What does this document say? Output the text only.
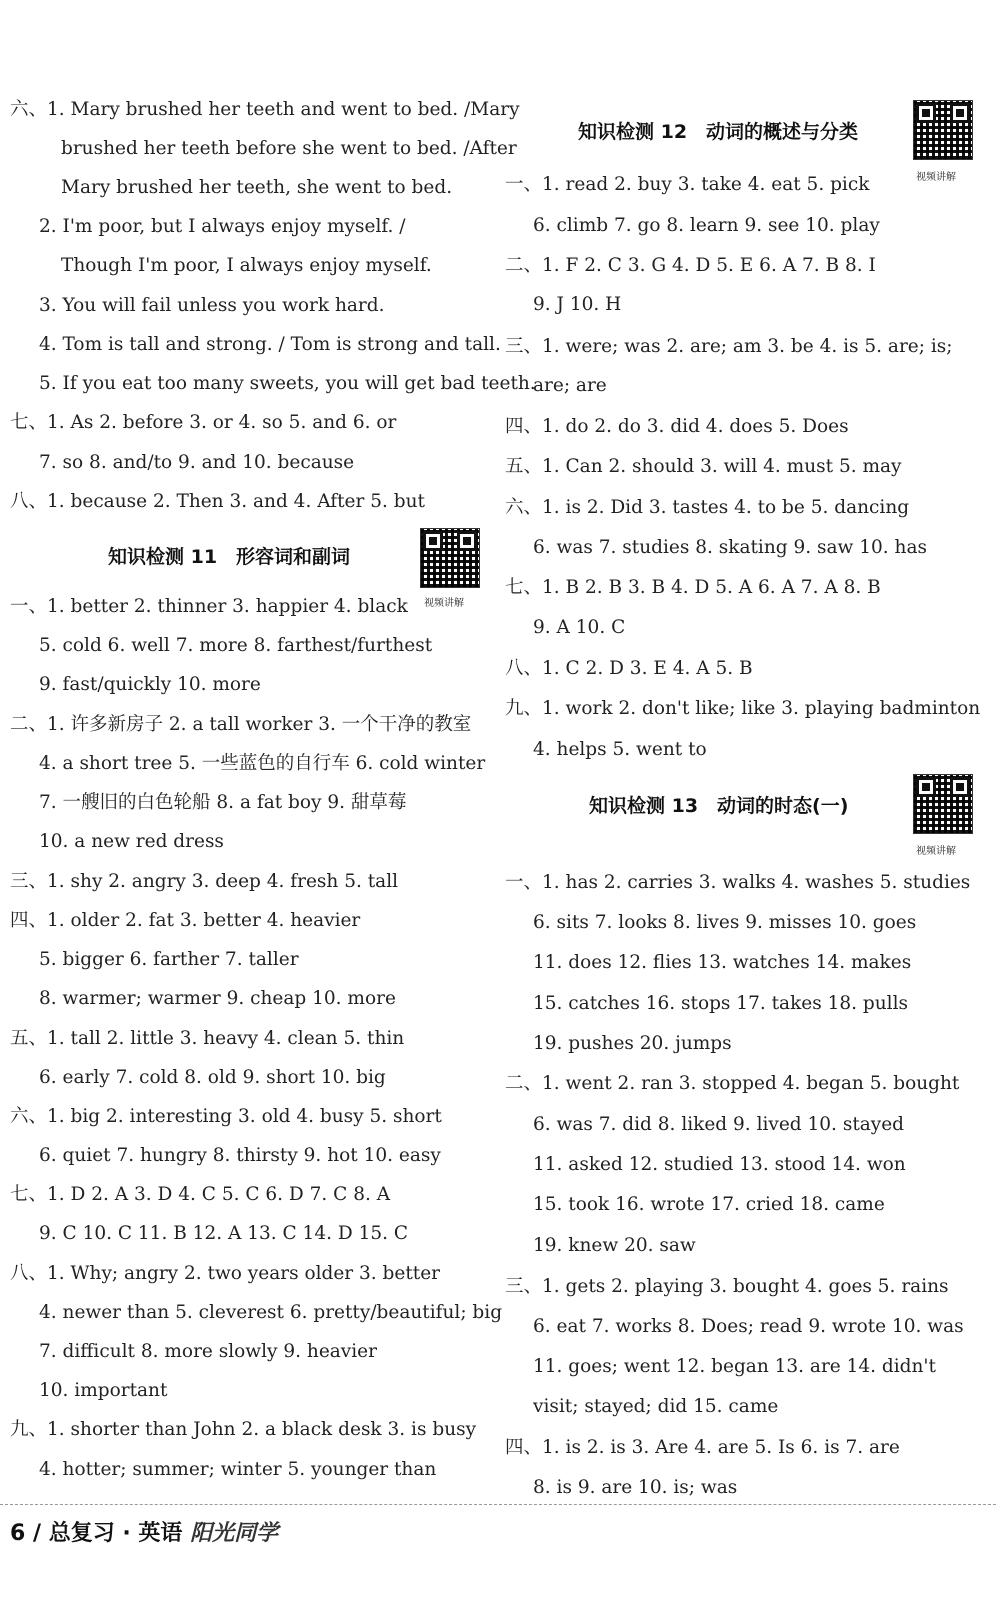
六、1. Mary brushed her teeth and went to bed. /Mary
brushed her teeth before she went to bed. /After
Mary brushed her teeth, she went to bed.
2. I'm poor, but I always enjoy myself. /
Though I'm poor, I always enjoy myself.
3. You will fail unless you work hard.
4. Tom is tall and strong. / Tom is strong and tall.
5. If you eat too many sweets, you will get bad teeth.
七、1. As 2. before 3. or 4. so 5. and 6. or
7. so 8. and/to 9. and 10. because
八、1. because 2. Then 3. and 4. After 5. but
知识检测 11　形容词和副词
视频讲解
一、1. better 2. thinner 3. happier 4. black
5. cold 6. well 7. more 8. farthest/furthest
9. fast/quickly 10. more
二、1. 许多新房子 2. a tall worker 3. 一个干净的教室
4. a short tree 5. 一些蓝色的自行车 6. cold winter
7. 一艘旧的白色轮船 8. a fat boy 9. 甜草莓
10. a new red dress
三、1. shy 2. angry 3. deep 4. fresh 5. tall
四、1. older 2. fat 3. better 4. heavier
5. bigger 6. farther 7. taller
8. warmer; warmer 9. cheap 10. more
五、1. tall 2. little 3. heavy 4. clean 5. thin
6. early 7. cold 8. old 9. short 10. big
六、1. big 2. interesting 3. old 4. busy 5. short
6. quiet 7. hungry 8. thirsty 9. hot 10. easy
七、1. D 2. A 3. D 4. C 5. C 6. D 7. C 8. A
9. C 10. C 11. B 12. A 13. C 14. D 15. C
八、1. Why; angry 2. two years older 3. better
4. newer than 5. cleverest 6. pretty/beautiful; big
7. difficult 8. more slowly 9. heavier
10. important
九、1. shorter than John 2. a black desk 3. is busy
4. hotter; summer; winter 5. younger than
知识检测 12　动词的概述与分类
视频讲解
一、1. read 2. buy 3. take 4. eat 5. pick
6. climb 7. go 8. learn 9. see 10. play
二、1. F 2. C 3. G 4. D 5. E 6. A 7. B 8. I
9. J 10. H
三、1. were; was 2. are; am 3. be 4. is 5. are; is;
are; are
四、1. do 2. do 3. did 4. does 5. Does
五、1. Can 2. should 3. will 4. must 5. may
六、1. is 2. Did 3. tastes 4. to be 5. dancing
6. was 7. studies 8. skating 9. saw 10. has
七、1. B 2. B 3. B 4. D 5. A 6. A 7. A 8. B
9. A 10. C
八、1. C 2. D 3. E 4. A 5. B
九、1. work 2. don't like; like 3. playing badminton
4. helps 5. went to
知识检测 13　动词的时态(一)
视频讲解
一、1. has 2. carries 3. walks 4. washes 5. studies
6. sits 7. looks 8. lives 9. misses 10. goes
11. does 12. flies 13. watches 14. makes
15. catches 16. stops 17. takes 18. pulls
19. pushes 20. jumps
二、1. went 2. ran 3. stopped 4. began 5. bought
6. was 7. did 8. liked 9. lived 10. stayed
11. asked 12. studied 13. stood 14. won
15. took 16. wrote 17. cried 18. came
19. knew 20. saw
三、1. gets 2. playing 3. bought 4. goes 5. rains
6. eat 7. works 8. Does; read 9. wrote 10. was
11. goes; went 12. began 13. are 14. didn't
visit; stayed; did 15. came
四、1. is 2. is 3. Are 4. are 5. Is 6. is 7. are
8. is 9. are 10. is; was
6 / 总复习 · 英语 阳光同学
